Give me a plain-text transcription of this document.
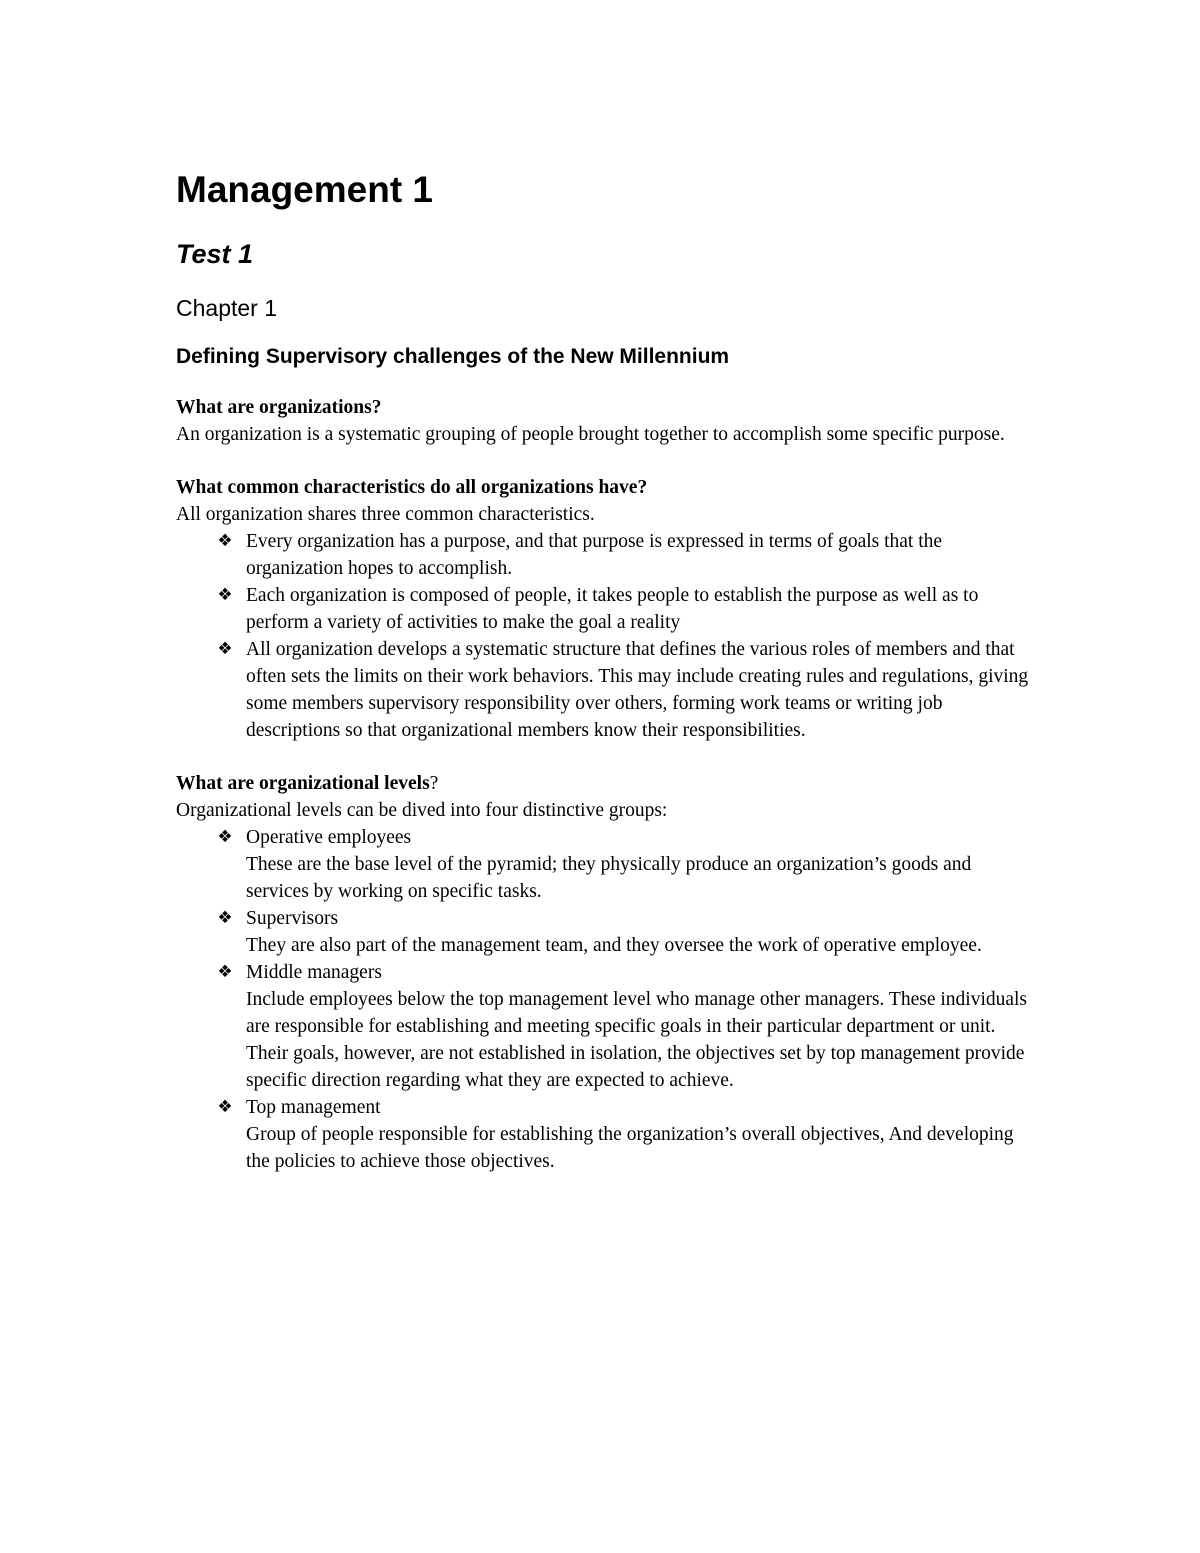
Management 1
Test 1
Chapter 1
Defining Supervisory challenges of the New Millennium

What are organizations?

An organization is a systematic grouping of people brought together to accomplish some specific purpose.

What common characteristics do all organizations have?

All organization shares three common characteristics.

❖ Every organization has a purpose, and that purpose is expressed in terms of goals that the organization hopes to accomplish.
❖ Each organization is composed of people, it takes people to establish the purpose as well as to perform a variety of activities to make the goal a reality
❖ All organization develops a systematic structure that defines the various roles of members and that often sets the limits on their work behaviors. This may include creating rules and regulations, giving some members supervisory responsibility over others, forming work teams or writing job descriptions so that organizational members know their responsibilities.

What are organizational levels?

Organizational levels can be dived into four distinctive groups:

❖ Operative employees
These are the base level of the pyramid; they physically produce an organization’s goods and services by working on specific tasks.
❖ Supervisors
They are also part of the management team, and they oversee the work of operative employee.
❖ Middle managers
Include employees below the top management level who manage other managers. These individuals are responsible for establishing and meeting specific goals in their particular department or unit. Their goals, however, are not established in isolation, the objectives set by top management provide specific direction regarding what they are expected to achieve.
❖ Top management
Group of people responsible for establishing the organization’s overall objectives, And developing the policies to achieve those objectives.
